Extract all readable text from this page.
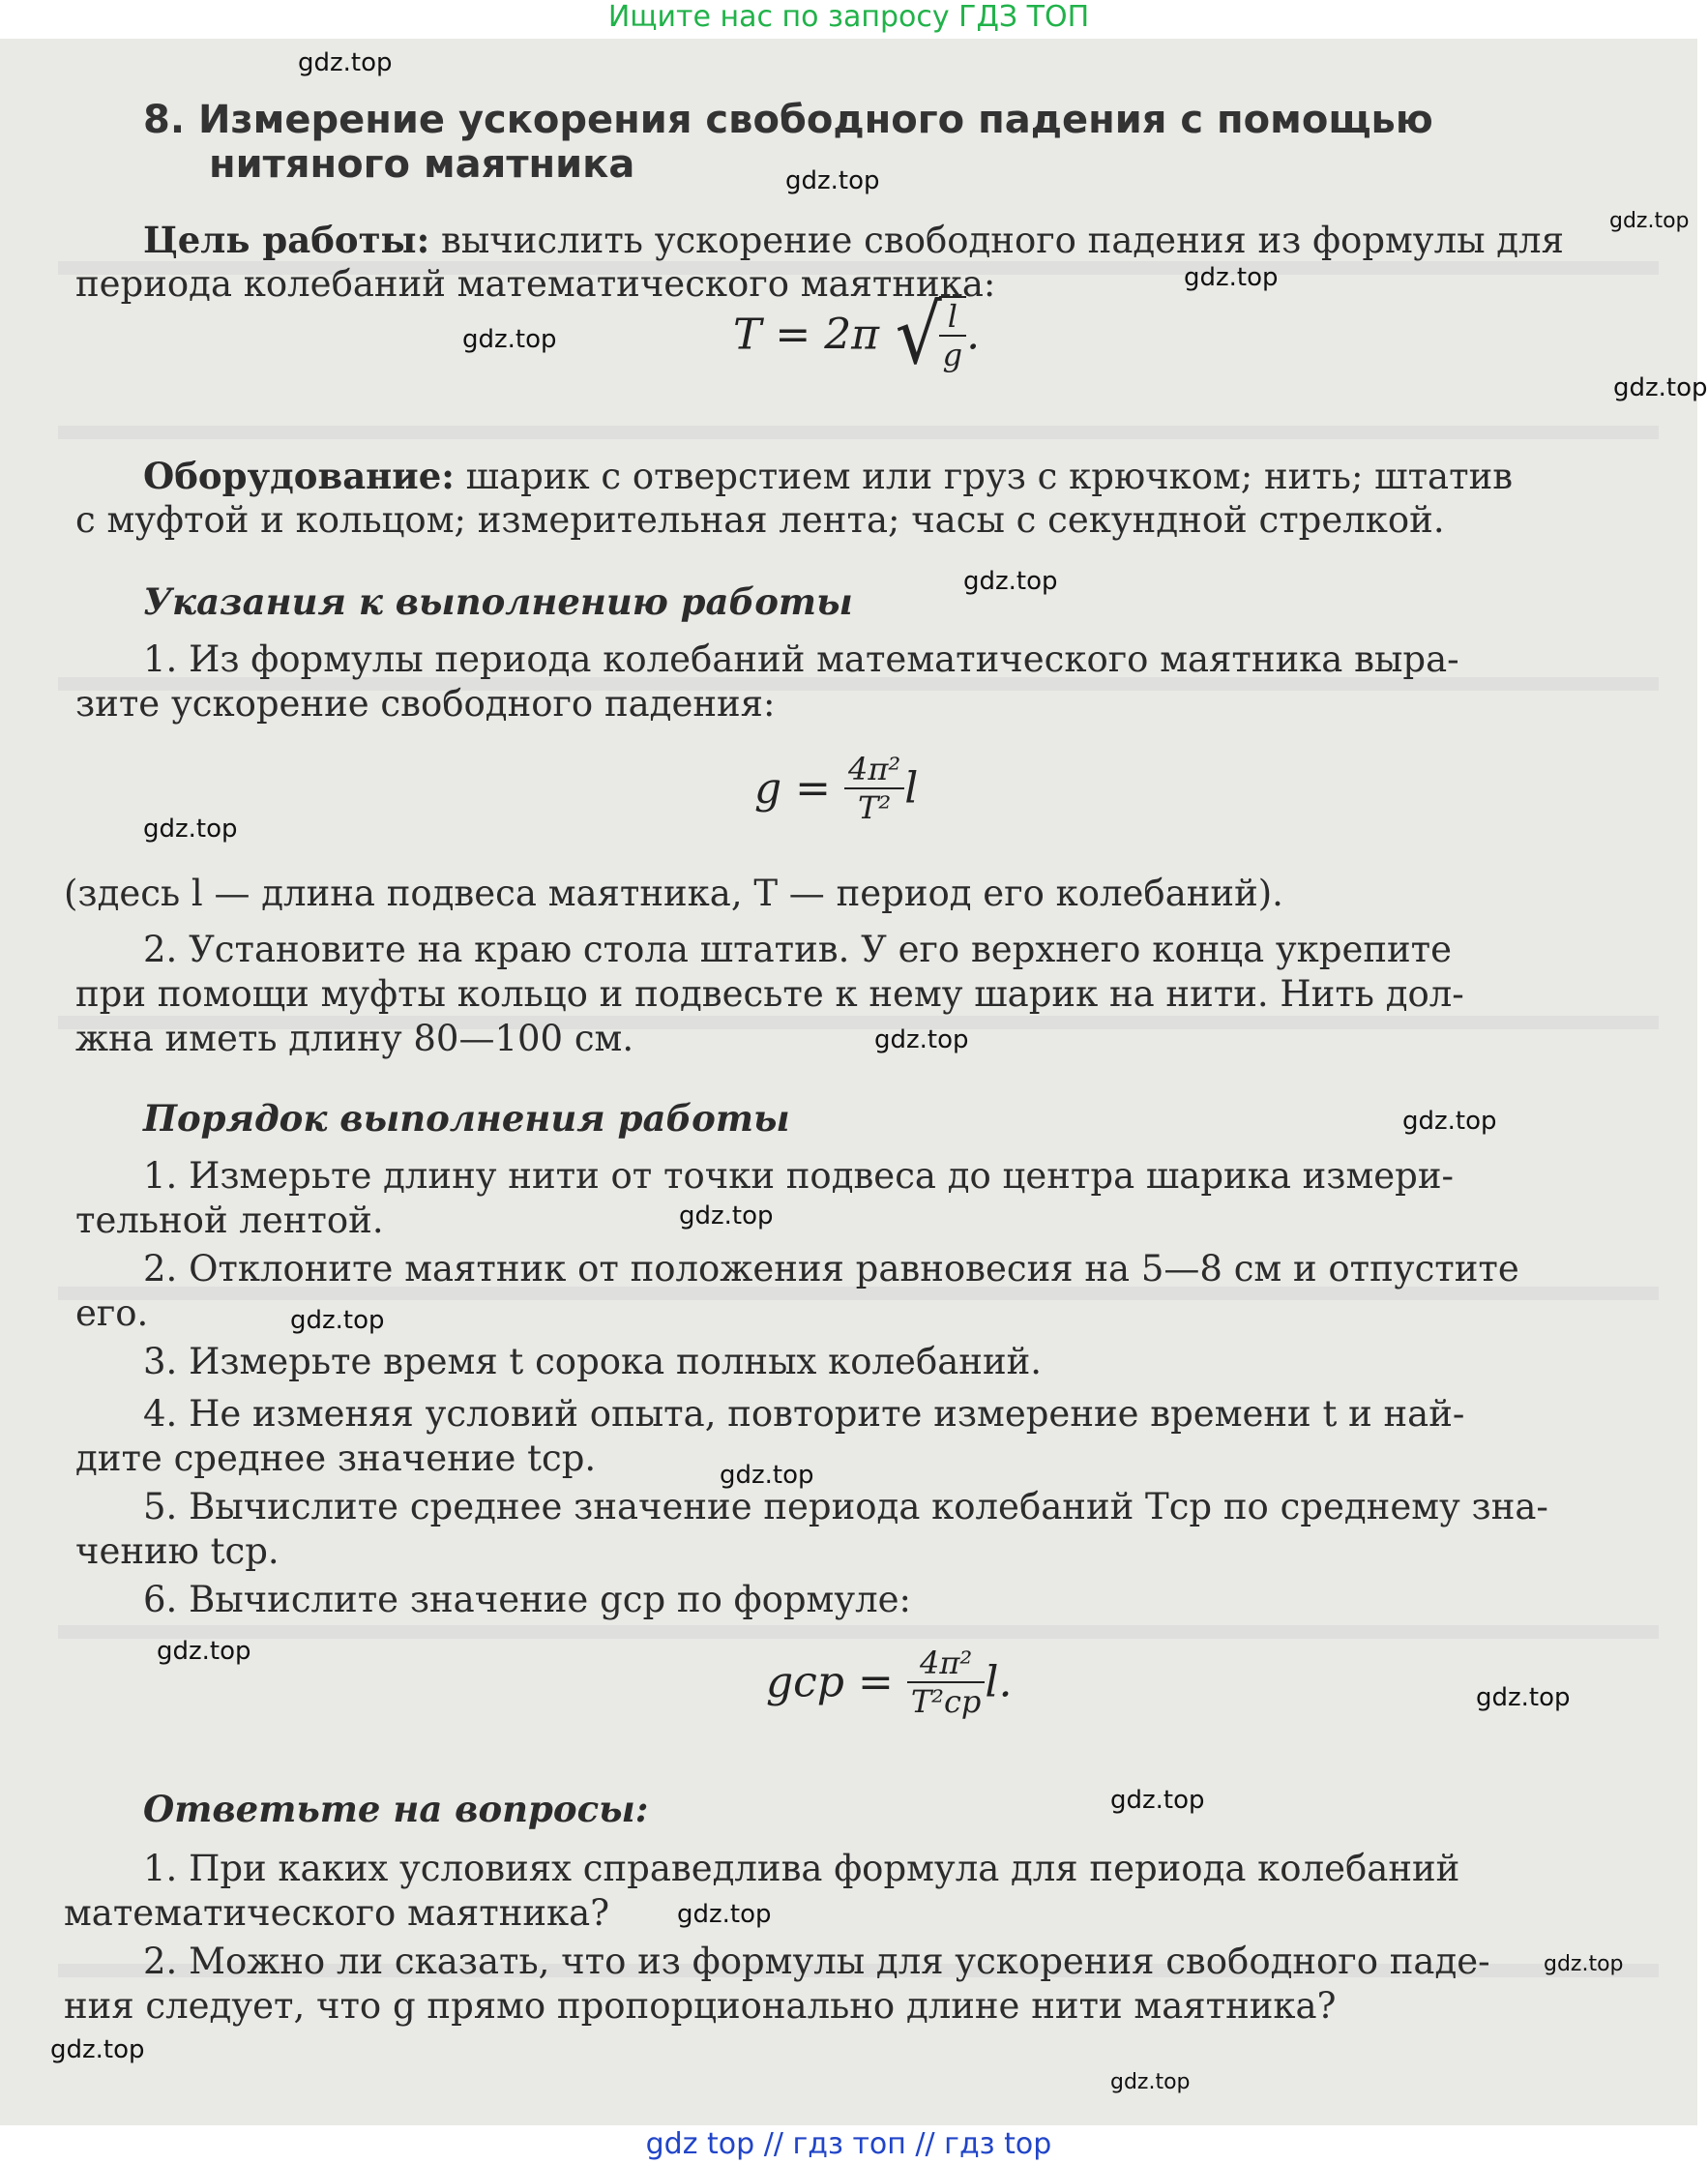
Ищите нас по запросу ГДЗ ТОП
8. Измерение ускорения свободного падения с помощью
нитяного маятника
Цель работы: вычислить ускорение свободного падения из формулы для
периода колебаний математического маятника:
T = 2π √
$\frac{l}{g}$ .
Оборудование: шарик с отверстием или груз с крючком; нить; штатив
с муфтой и кольцом; измерительная лента; часы с секундной стрелкой.
Указания к выполнению работы
1. Из формулы периода колебаний математического маятника выра-
зите ускорение свободного падения:
$g = \frac{\text{4π²}}{\text{T²}}$ l
(здесь l — длина подвеса маятника, T — период его колебаний).
2. Установите на краю стола штатив. У его верхнего конца укрепите
при помощи муфты кольцо и подвесьте к нему шарик на нити. Нить дол-
жна иметь длину 80—100 см.
Порядок выполнения работы
1. Измерьте длину нити от точки подвеса до центра шарика измери-
тельной лентой.
2. Отклоните маятник от положения равновесия на 5—8 см и отпустите
его.
3. Измерьте время t сорока полных колебаний.
4. Не изменяя условий опыта, повторите измерение времени t и най-
дите среднее значение tср.
5. Вычислите среднее значение периода колебаний Tср по среднему зна-
чению tср.
6. Вычислите значение gср по формуле:
gср = $\frac{\text{4π²}}{\text{T²ср}} l$.
Ответьте на вопросы:
1. При каких условиях справедлива формула для периода колебаний
математического маятника?
2. Можно ли сказать, что из формулы для ускорения свободного паде-
ния следует, что g прямо пропорционально длине нити маятника?
gdz.top
gdz.top
gdz.top
gdz.top
gdz.top
gdz.top
gdz.top
gdz.top
gdz.top
gdz.top
gdz.top
gdz.top
gdz.top
gdz.top
gdz.top
gdz.top
gdz.top
gdz.top
gdz.top
gdz.top
gdz top // гдз топ // гдз top
